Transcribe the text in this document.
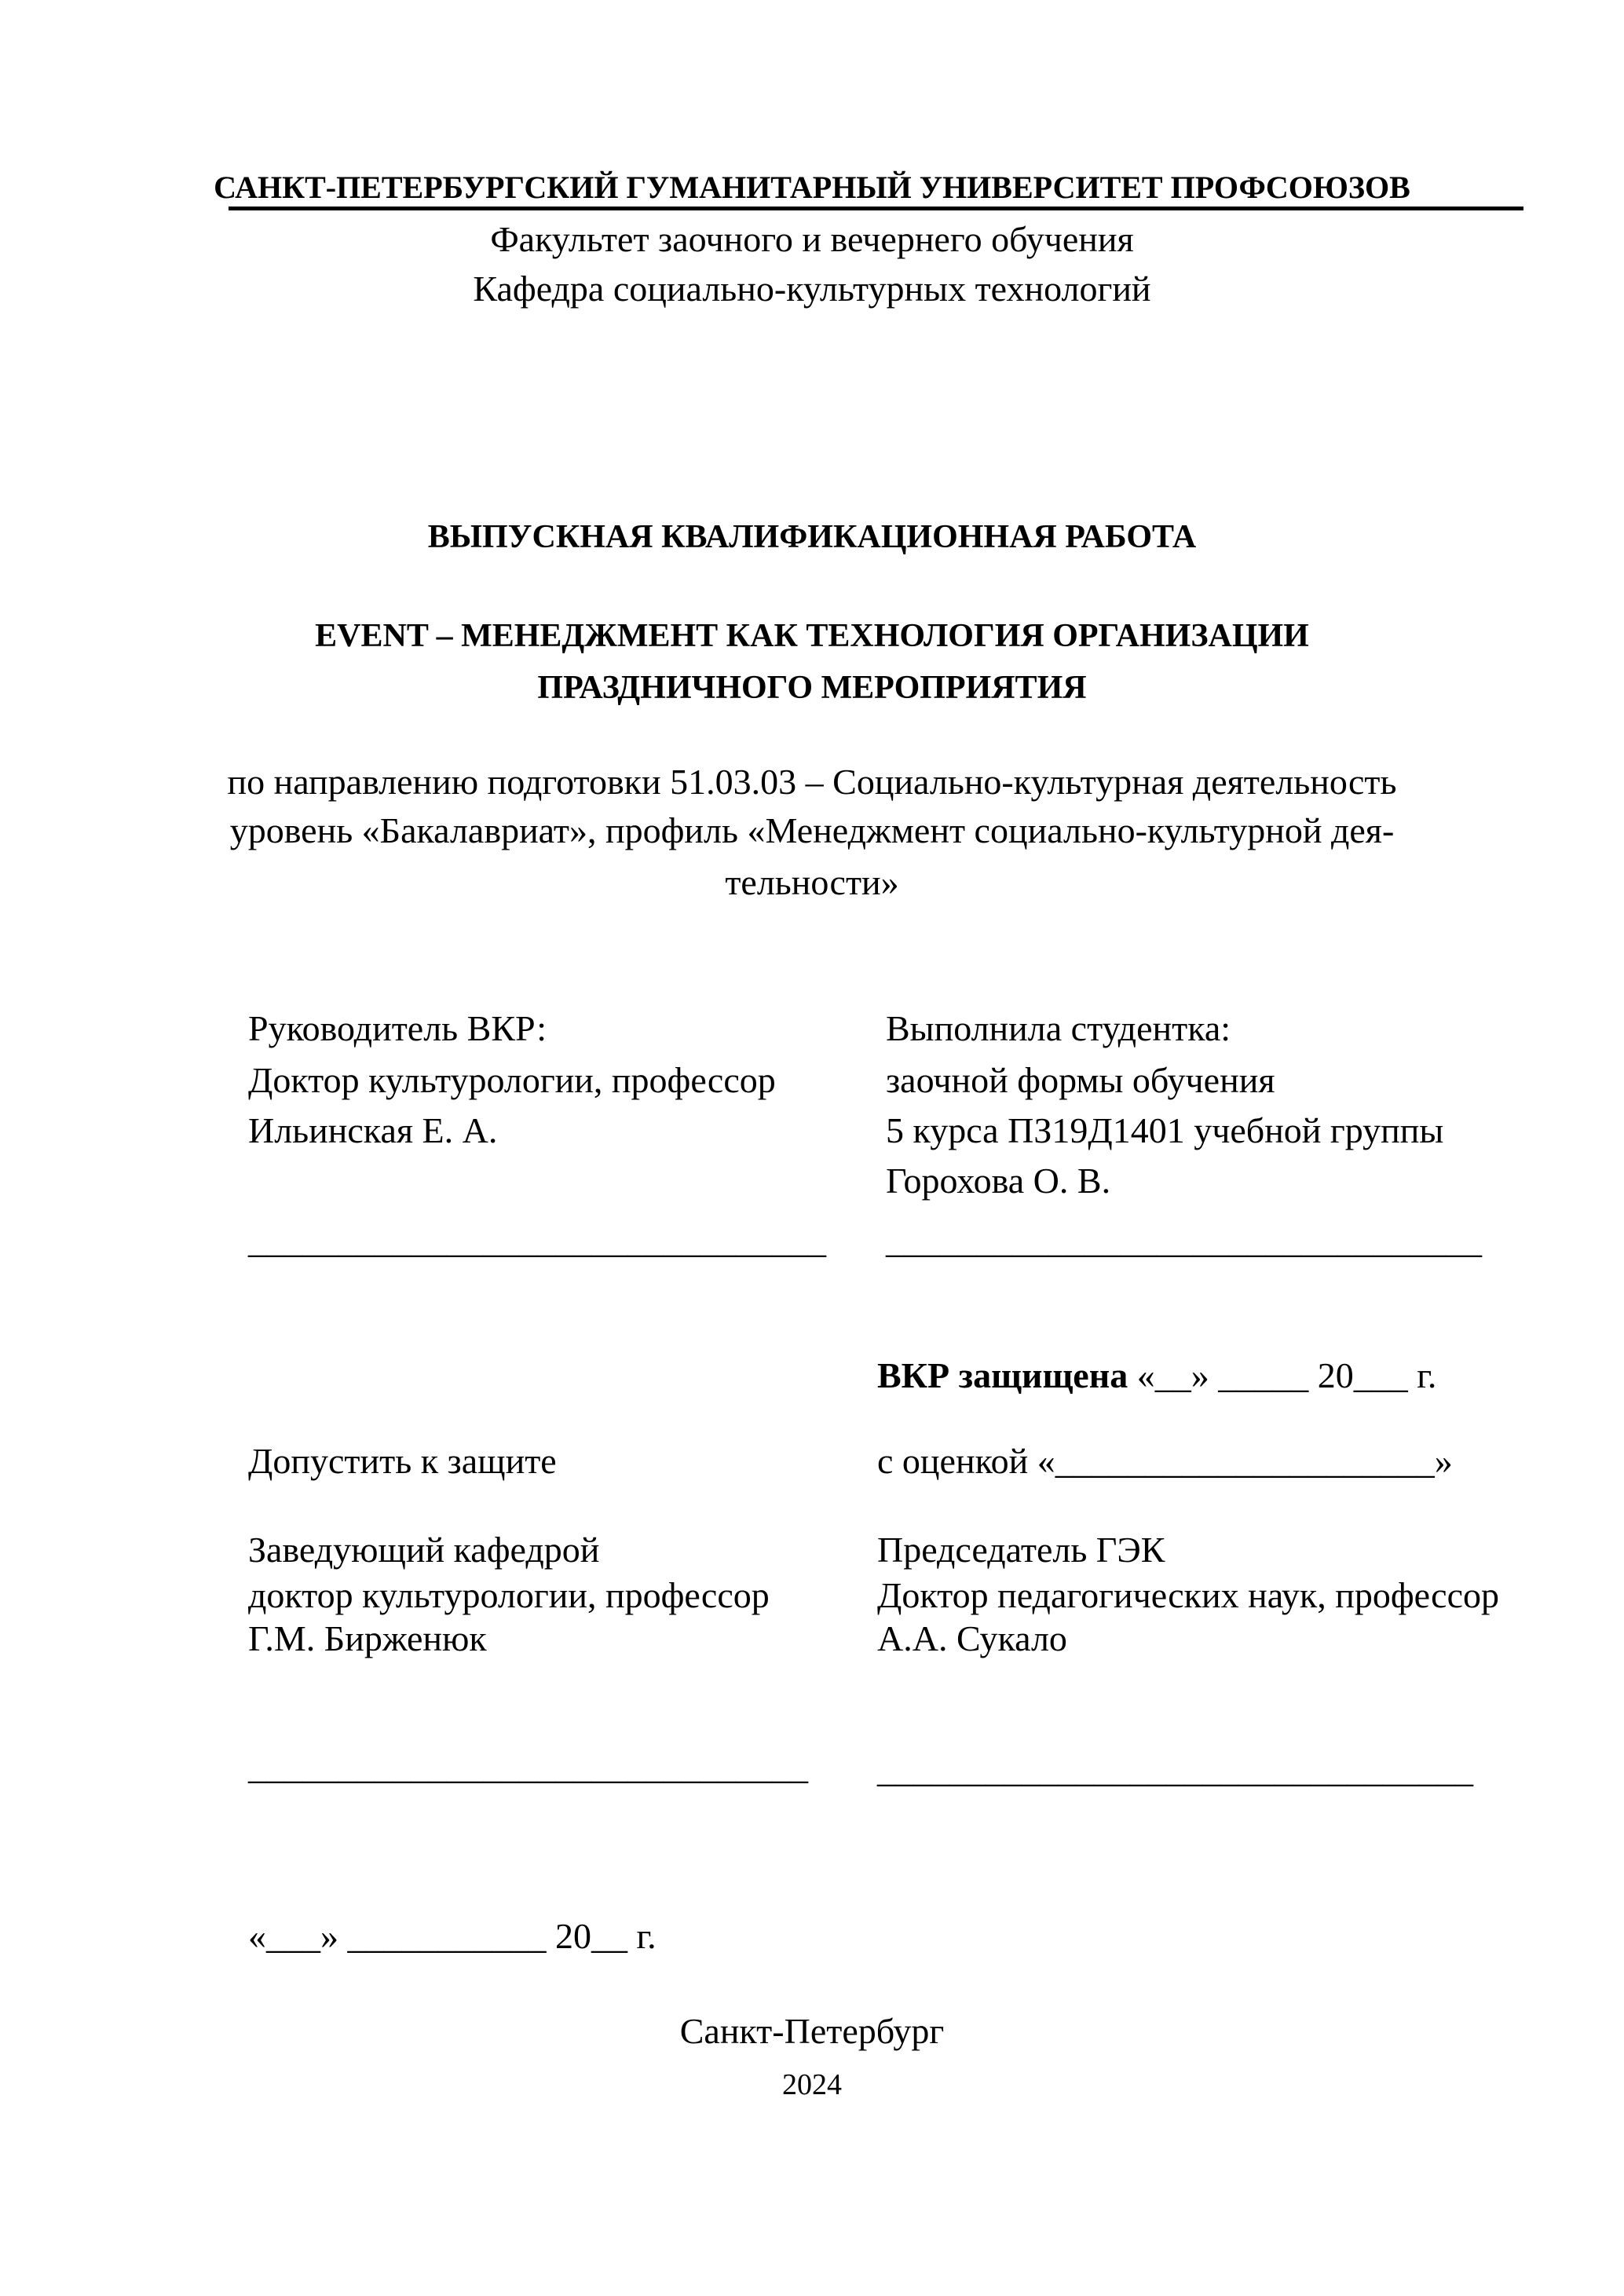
САНКТ-ПЕТЕРБУРГСКИЙ ГУМАНИТАРНЫЙ УНИВЕРСИТЕТ ПРОФСОЮЗОВ
Факультет заочного и вечернего обучения
Кафедра социально-культурных технологий
ВЫПУСКНАЯ КВАЛИФИКАЦИОННАЯ РАБОТА
EVENT – МЕНЕДЖМЕНТ КАК ТЕХНОЛОГИЯ ОРГАНИЗАЦИИ
ПРАЗДНИЧНОГО МЕРОПРИЯТИЯ
по направлению подготовки 51.03.03 – Социально-культурная деятельность
уровень «Бакалавриат», профиль «Менеджмент социально-культурной дея-
тельности»
Руководитель ВКР:
Доктор культурологии, профессор
Ильинская Е. А.
________________________________
Выполнила студентка:
заочной формы обучения
5 курса ПЗ19Д1401 учебной группы
Горохова О. В.
_________________________________
ВКР защищена «__» _____ 20___ г.
Допустить к защите	с оценкой «_____________________»
Заведующий кафедрой
доктор культурологии, профессор
Г.М. Бирженюк
_______________________________
Председатель ГЭК
Доктор педагогических наук, профессор
А.А. Сукало
_________________________________
«___» ___________ 20__ г.
Санкт-Петербург
2024
